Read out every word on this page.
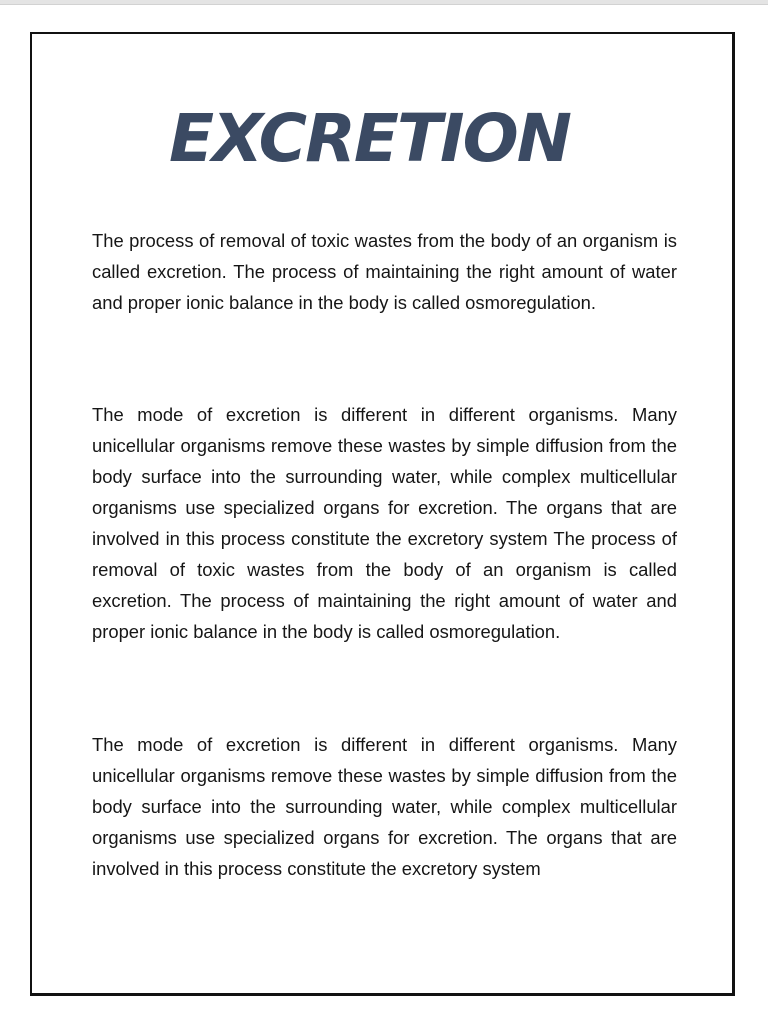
EXCRETION

The process of removal of toxic wastes from the body of an organism is called excretion. The process of maintaining the right amount of water and proper ionic balance in the body is called osmoregulation.

The mode of excretion is different in different organisms. Many unicellular organisms remove these wastes by simple diffusion from the body surface into the surrounding water, while complex multicellular organisms use specialized organs for excretion. The organs that are involved in this process constitute the excretory system The process of removal of toxic wastes from the body of an organism is called excretion. The process of maintaining the right amount of water and proper ionic balance in the body is called osmoregulation.

The mode of excretion is different in different organisms. Many unicellular organisms remove these wastes by simple diffusion from the body surface into the surrounding water, while complex multicellular organisms use specialized organs for excretion. The organs that are involved in this process constitute the excretory system
